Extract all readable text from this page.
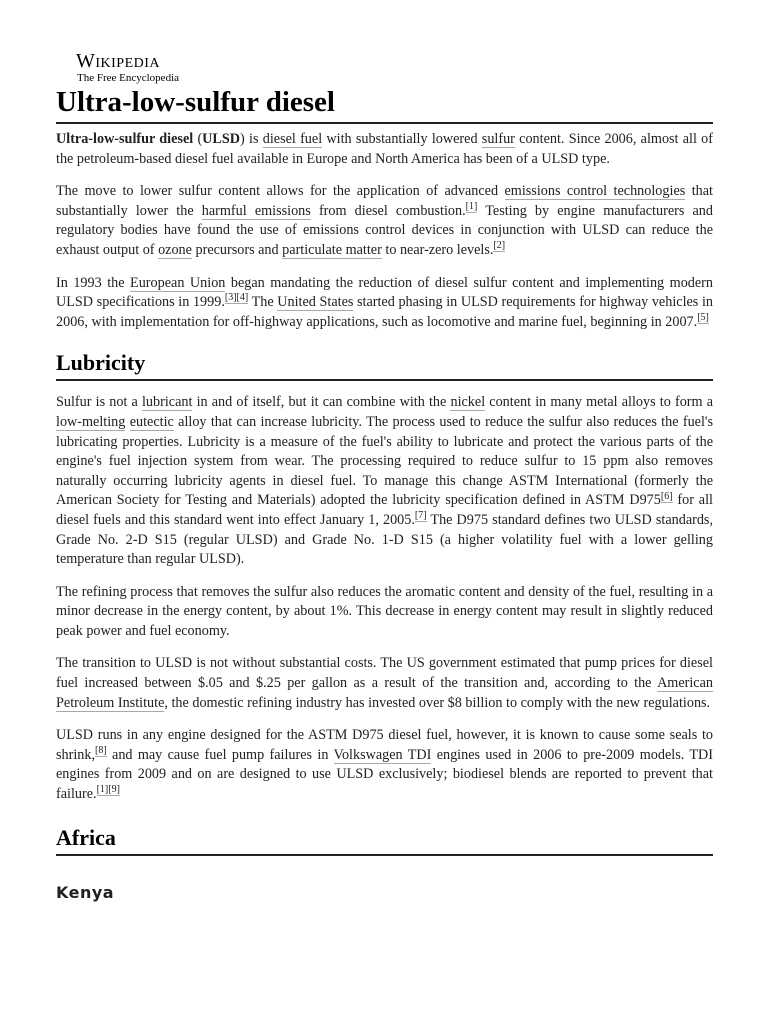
Wikipedia
The Free Encyclopedia
Ultra-low-sulfur diesel

Ultra-low-sulfur diesel (ULSD) is diesel fuel with substantially lowered sulfur content. Since 2006, almost all of the petroleum-based diesel fuel available in Europe and North America has been of a ULSD type.

The move to lower sulfur content allows for the application of advanced emissions control technologies that substantially lower the harmful emissions from diesel combustion.[1] Testing by engine manufacturers and regulatory bodies have found the use of emissions control devices in conjunction with ULSD can reduce the exhaust output of ozone precursors and particulate matter to near-zero levels.[2]

In 1993 the European Union began mandating the reduction of diesel sulfur content and implementing modern ULSD specifications in 1999.[3][4] The United States started phasing in ULSD requirements for highway vehicles in 2006, with implementation for off-highway applications, such as locomotive and marine fuel, beginning in 2007.[5]

Lubricity

Sulfur is not a lubricant in and of itself, but it can combine with the nickel content in many metal alloys to form a low-melting eutectic alloy that can increase lubricity. The process used to reduce the sulfur also reduces the fuel's lubricating properties. Lubricity is a measure of the fuel's ability to lubricate and protect the various parts of the engine's fuel injection system from wear. The processing required to reduce sulfur to 15 ppm also removes naturally occurring lubricity agents in diesel fuel. To manage this change ASTM International (formerly the American Society for Testing and Materials) adopted the lubricity specification defined in ASTM D975[6] for all diesel fuels and this standard went into effect January 1, 2005.[7] The D975 standard defines two ULSD standards, Grade No. 2-D S15 (regular ULSD) and Grade No. 1-D S15 (a higher volatility fuel with a lower gelling temperature than regular ULSD).

The refining process that removes the sulfur also reduces the aromatic content and density of the fuel, resulting in a minor decrease in the energy content, by about 1%. This decrease in energy content may result in slightly reduced peak power and fuel economy.

The transition to ULSD is not without substantial costs. The US government estimated that pump prices for diesel fuel increased between $.05 and $.25 per gallon as a result of the transition and, according to the American Petroleum Institute, the domestic refining industry has invested over $8 billion to comply with the new regulations.

ULSD runs in any engine designed for the ASTM D975 diesel fuel, however, it is known to cause some seals to shrink,[8] and may cause fuel pump failures in Volkswagen TDI engines used in 2006 to pre-2009 models. TDI engines from 2009 and on are designed to use ULSD exclusively; biodiesel blends are reported to prevent that failure.[1][9]

Africa
Kenya
